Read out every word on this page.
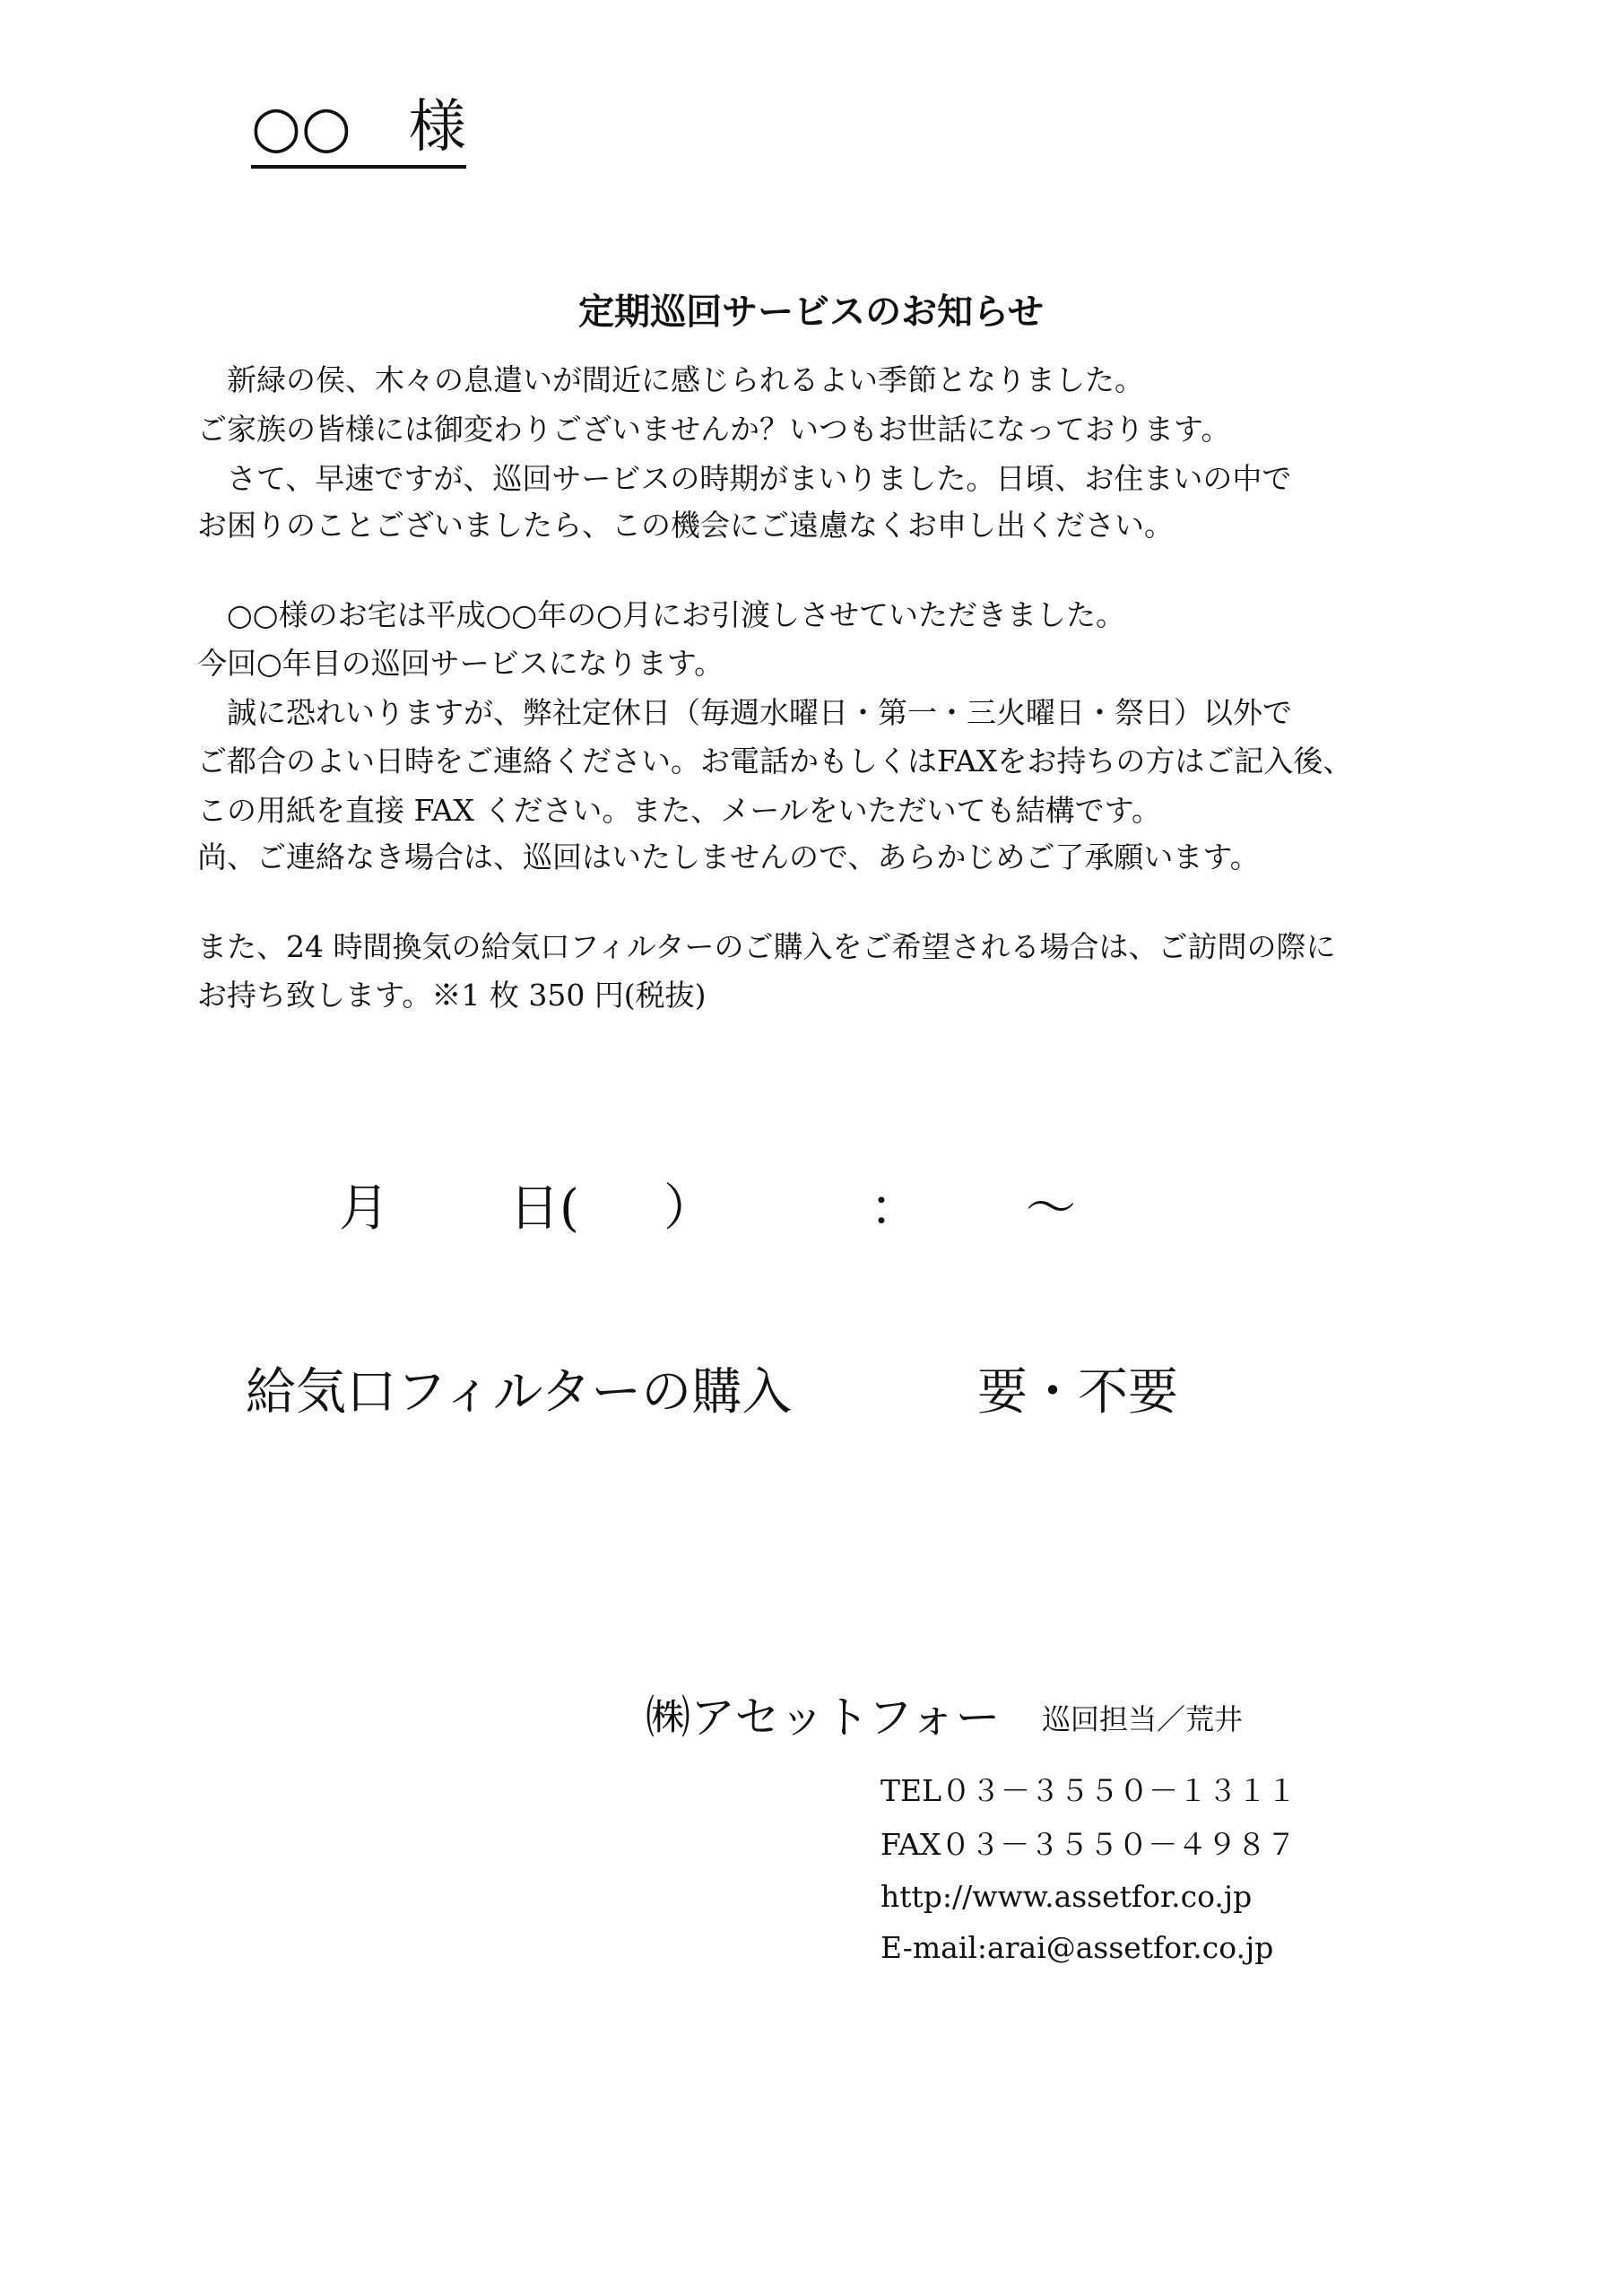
○○　様
定期巡回サービスのお知らせ
　新緑の侯、木々の息遣いが間近に感じられるよい季節となりました。
ご家族の皆様には御変わりございませんか？いつもお世話になっております。
　さて、早速ですが、巡回サービスの時期がまいりました。日頃、お住まいの中で
お困りのことございましたら、この機会にご遠慮なくお申し出ください。
　○○様のお宅は平成○○年の○月にお引渡しさせていただきました。
今回○年目の巡回サービスになります。
　誠に恐れいりますが、弊社定休日（毎週水曜日・第一・三火曜日・祭日）以外で
ご都合のよい日時をご連絡ください。お電話かもしくはFAXをお持ちの方はご記入後、
この用紙を直接 FAX ください。また、メールをいただいても結構です。
尚、ご連絡なき場合は、巡回はいたしませんので、あらかじめご了承願います。
また、24 時間換気の給気口フィルターのご購入をご希望される場合は、ご訪問の際に
お持ち致します。※1 枚 350 円(税抜)
月 日( ）	： ～
給気口フィルターの購入	要・不要
㈱アセットフォー 巡回担当／荒井
TEL０３－３５５０－１３１１
FAX０３－３５５０－４９８７
http://www.assetfor.co.jp
E-mail:arai@assetfor.co.jp
